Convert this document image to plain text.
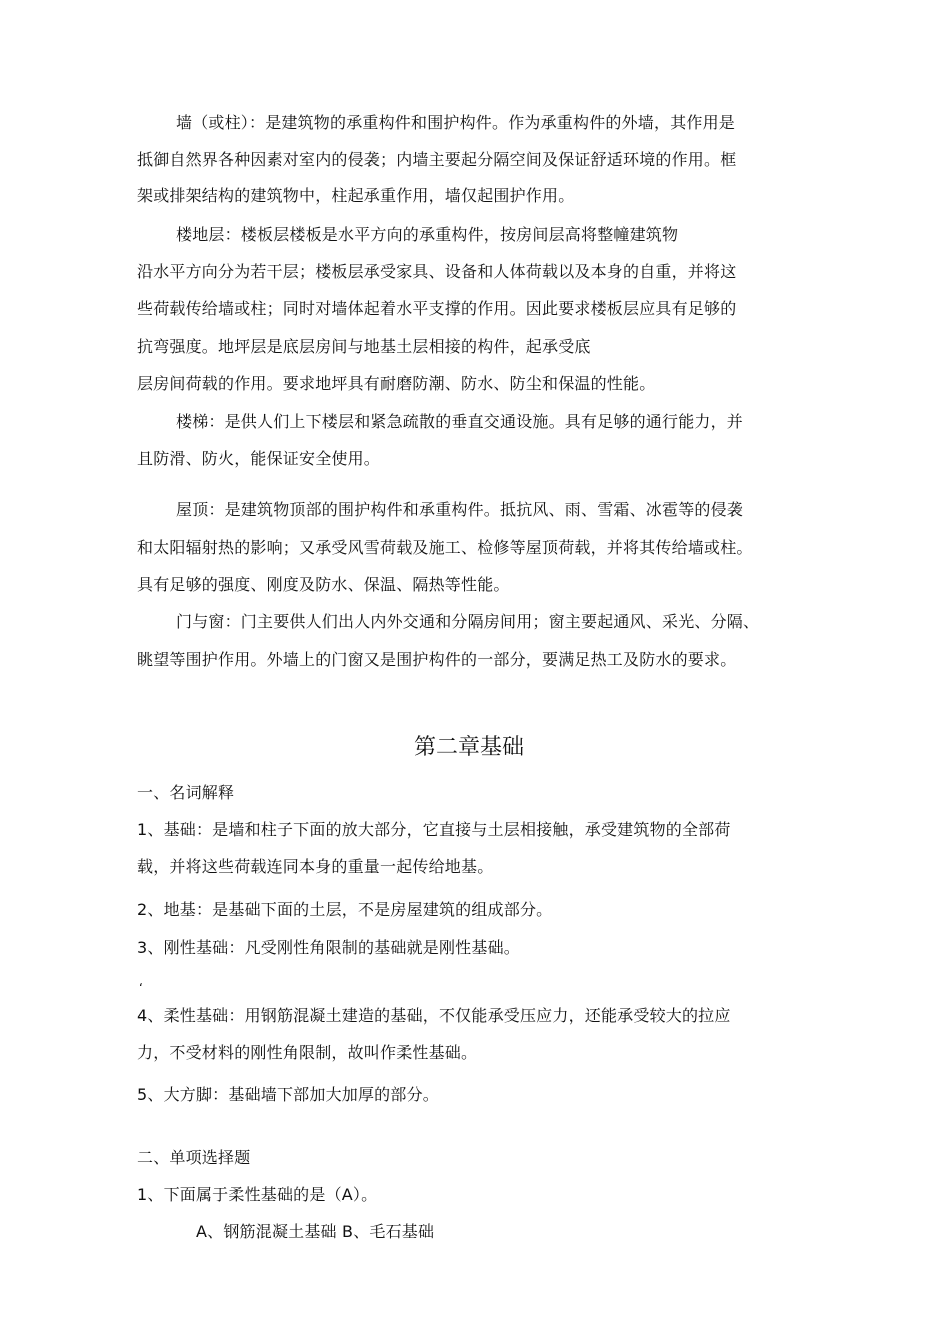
墙（或柱）：是建筑物的承重构件和围护构件。作为承重构件的外墙，其作用是
抵御自然界各种因素对室内的侵袭；内墙主要起分隔空间及保证舒适环境的作用。框
架或排架结构的建筑物中，柱起承重作用，墙仅起围护作用。
楼地层：楼板层楼板是水平方向的承重构件，按房间层高将整幢建筑物
沿水平方向分为若干层；楼板层承受家具、设备和人体荷载以及本身的自重，并将这
些荷载传给墙或柱；同时对墙体起着水平支撑的作用。因此要求楼板层应具有足够的
抗弯强度。地坪层是底层房间与地基土层相接的构件，起承受底
层房间荷载的作用。要求地坪具有耐磨防潮、防水、防尘和保温的性能。
楼梯：是供人们上下楼层和紧急疏散的垂直交通设施。具有足够的通行能力，并
且防滑、防火，能保证安全使用。
屋顶：是建筑物顶部的围护构件和承重构件。抵抗风、雨、雪霜、冰雹等的侵袭
和太阳辐射热的影响；又承受风雪荷载及施工、检修等屋顶荷载，并将其传给墙或柱。
具有足够的强度、刚度及防水、保温、隔热等性能。
门与窗：门主要供人们出人内外交通和分隔房间用；窗主要起通风、采光、分隔、
眺望等围护作用。外墙上的门窗又是围护构件的一部分，要满足热工及防水的要求。
第二章基础
一、名词解释
1、基础：是墙和柱子下面的放大部分，它直接与土层相接触，承受建筑物的全部荷
载，并将这些荷载连同本身的重量一起传给地基。
2、地基：是基础下面的土层，不是房屋建筑的组成部分。
3、刚性基础：凡受刚性角限制的基础就是刚性基础。
‘
4、柔性基础：用钢筋混凝土建造的基础，不仅能承受压应力，还能承受较大的拉应
力，不受材料的刚性角限制，故叫作柔性基础。
5、大方脚：基础墙下部加大加厚的部分。
二、单项选择题
1、下面属于柔性基础的是（A）。
A、钢筋混凝土基础 B、毛石基础
